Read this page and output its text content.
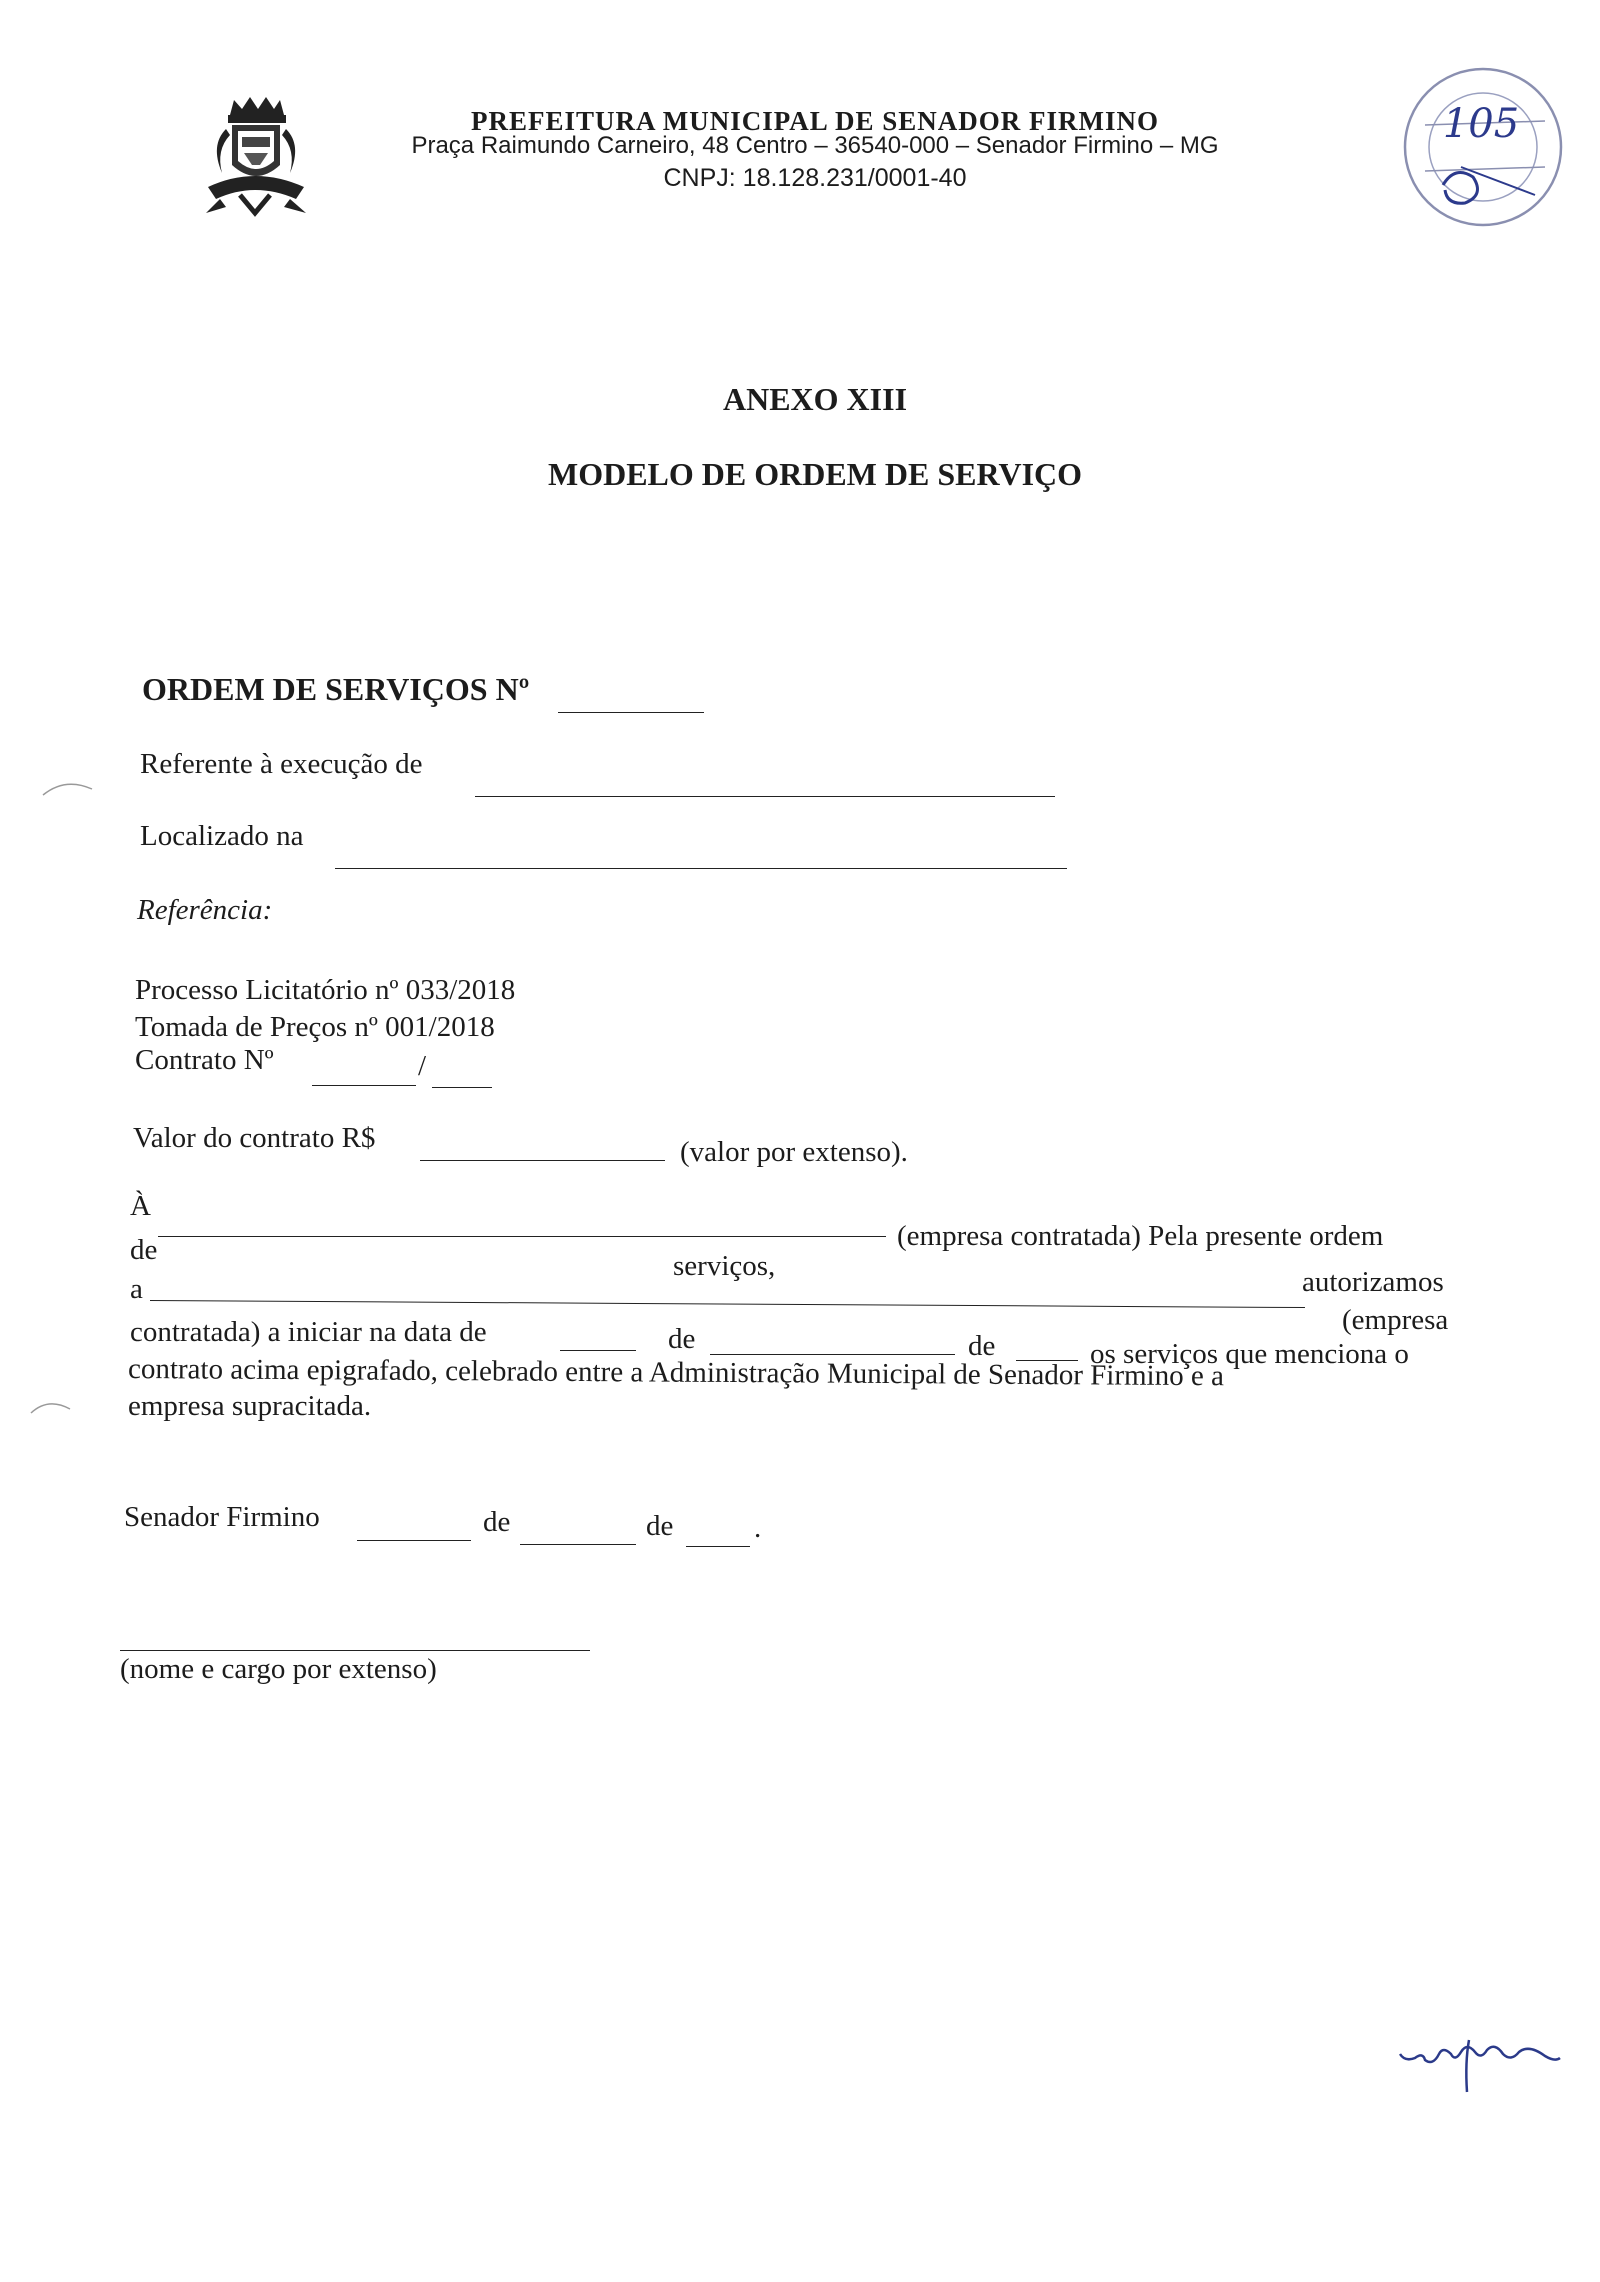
PREFEITURA MUNICIPAL DE SENADOR FIRMINO
Praça Raimundo Carneiro, 48 Centro – 36540-000 – Senador Firmino – MG
CNPJ: 18.128.231/0001-40
105
ANEXO XIII
MODELO DE ORDEM DE SERVIÇO
ORDEM DE SERVIÇOS Nº
Referente à execução de
Localizado na
Referência:
Processo Licitatório nº 033/2018
Tomada de Preços nº 001/2018
Contrato Nº	/
Valor do contrato R$	(valor por extenso).
À
(empresa contratada) Pela presente ordem
de	serviços,
a	autorizamos
(empresa
contratada) a iniciar na data de	de	de	os serviços que menciona o
contrato acima epigrafado, celebrado entre a Administração Municipal de Senador Firmino e a
empresa supracitada.
Senador Firmino	de	de	.
(nome e cargo por extenso)
